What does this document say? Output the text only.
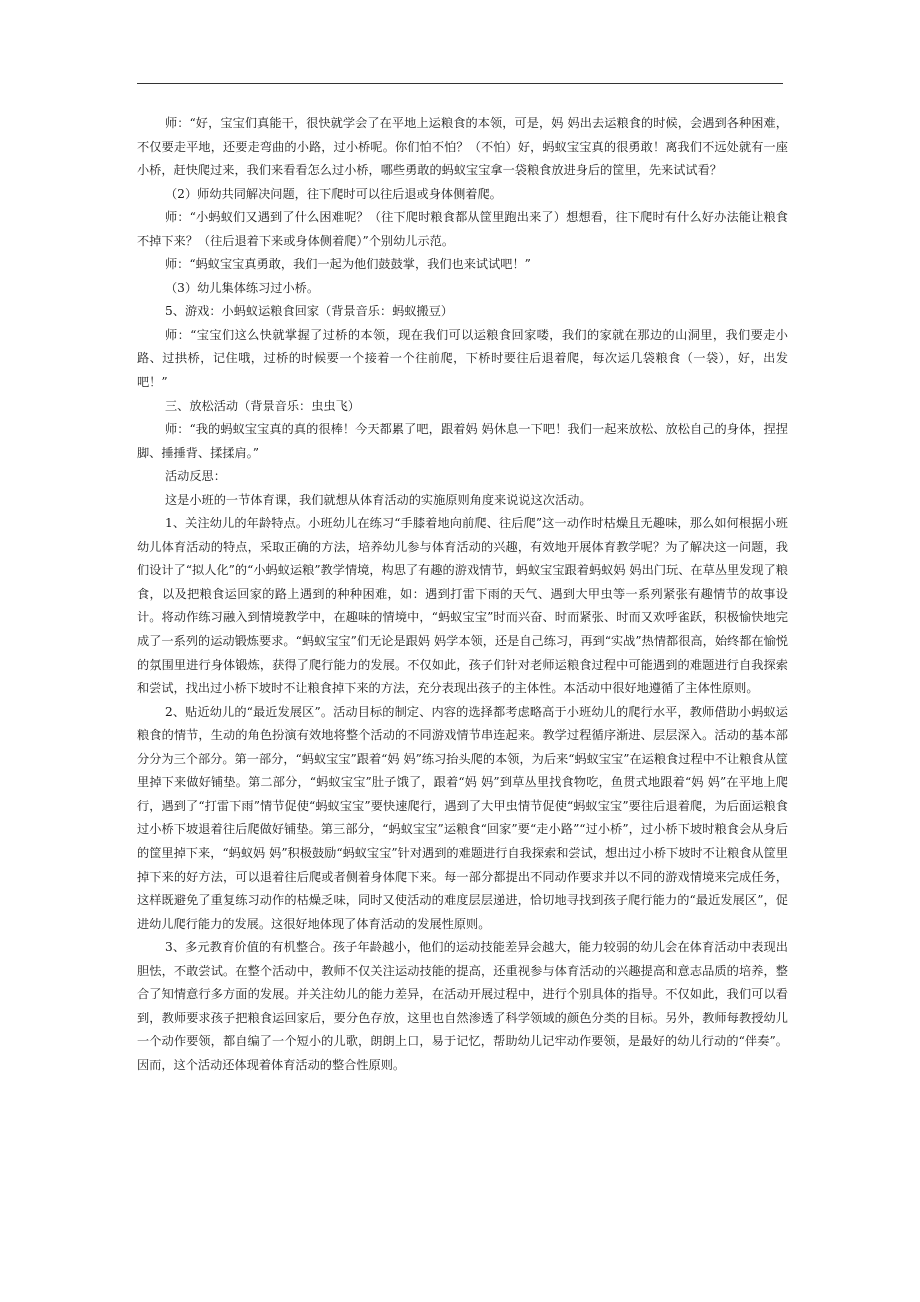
师：“好，宝宝们真能干，很快就学会了在平地上运粮食的本领，可是，妈 妈出去运粮食的时候，会遇到各种困难，不仅要走平地，还要走弯曲的小路，过小桥呢。你们怕不怕？（不怕）好，蚂蚁宝宝真的很勇敢！离我们不远处就有一座小桥，赶快爬过来，我们来看看怎么过小桥，哪些勇敢的蚂蚁宝宝拿一袋粮食放进身后的筐里，先来试试看？

（2）师幼共同解决问题，往下爬时可以往后退或身体侧着爬。

师：“小蚂蚁们又遇到了什么困难呢？（往下爬时粮食都从筐里跑出来了）想想看，往下爬时有什么好办法能让粮食不掉下来？（往后退着下来或身体侧着爬）”个别幼儿示范。

师：“蚂蚁宝宝真勇敢，我们一起为他们鼓鼓掌，我们也来试试吧！”

（3）幼儿集体练习过小桥。

5、游戏：小蚂蚁运粮食回家（背景音乐：蚂蚁搬豆）

师：“宝宝们这么快就掌握了过桥的本领，现在我们可以运粮食回家喽，我们的家就在那边的山洞里，我们要走小路、过拱桥，记住哦，过桥的时候要一个接着一个往前爬，下桥时要往后退着爬，每次运几袋粮食（一袋），好，出发吧！”

三、放松活动（背景音乐：虫虫飞）

师：“我的蚂蚁宝宝真的真的很棒！今天都累了吧，跟着妈 妈休息一下吧！我们一起来放松、放松自己的身体，捏捏脚、捶捶背、揉揉肩。”

活动反思：

这是小班的一节体育课，我们就想从体育活动的实施原则角度来说说这次活动。

1、关注幼儿的年龄特点。小班幼儿在练习“手膝着地向前爬、往后爬”这一动作时枯燥且无趣味，那么如何根据小班幼儿体育活动的特点，采取正确的方法，培养幼儿参与体育活动的兴趣，有效地开展体育教学呢？为了解决这一问题，我们设计了“拟人化”的“小蚂蚁运粮”教学情境，构思了有趣的游戏情节，蚂蚁宝宝跟着蚂蚁妈 妈出门玩、在草丛里发现了粮食，以及把粮食运回家的路上遇到的种种困难，如：遇到打雷下雨的天气、遇到大甲虫等一系列紧张有趣情节的故事设计。将动作练习融入到情境教学中，在趣味的情境中，“蚂蚁宝宝”时而兴奋、时而紧张、时而又欢呼雀跃，积极愉快地完成了一系列的运动锻炼要求。“蚂蚁宝宝”们无论是跟妈 妈学本领，还是自己练习，再到“实战”热情都很高，始终都在愉悦的氛围里进行身体锻炼，获得了爬行能力的发展。不仅如此，孩子们针对老师运粮食过程中可能遇到的难题进行自我探索和尝试，找出过小桥下坡时不让粮食掉下来的方法，充分表现出孩子的主体性。本活动中很好地遵循了主体性原则。

2、贴近幼儿的“最近发展区”。活动目标的制定、内容的选择都考虑略高于小班幼儿的爬行水平，教师借助小蚂蚁运粮食的情节，生动的角色扮演有效地将整个活动的不同游戏情节串连起来。教学过程循序渐进、层层深入。活动的基本部分分为三个部分。第一部分，“蚂蚁宝宝”跟着“妈 妈”练习抬头爬的本领，为后来“蚂蚁宝宝”在运粮食过程中不让粮食从筐里掉下来做好铺垫。第二部分，“蚂蚁宝宝”肚子饿了，跟着“妈 妈”到草丛里找食物吃，鱼贯式地跟着“妈 妈”在平地上爬行，遇到了“打雷下雨”情节促使“蚂蚁宝宝”要快速爬行，遇到了大甲虫情节促使“蚂蚁宝宝”要往后退着爬，为后面运粮食过小桥下坡退着往后爬做好铺垫。第三部分，“蚂蚁宝宝”运粮食“回家”要“走小路”“过小桥”，过小桥下坡时粮食会从身后的筐里掉下来，“蚂蚁妈 妈”积极鼓励“蚂蚁宝宝”针对遇到的难题进行自我探索和尝试，想出过小桥下坡时不让粮食从筐里掉下来的好方法，可以退着往后爬或者侧着身体爬下来。每一部分都提出不同动作要求并以不同的游戏情境来完成任务，这样既避免了重复练习动作的枯燥乏味，同时又使活动的难度层层递进，恰切地寻找到孩子爬行能力的“最近发展区”，促进幼儿爬行能力的发展。这很好地体现了体育活动的发展性原则。

3、多元教育价值的有机整合。孩子年龄越小，他们的运动技能差异会越大，能力较弱的幼儿会在体育活动中表现出胆怯，不敢尝试。在整个活动中，教师不仅关注运动技能的提高，还重视参与体育活动的兴趣提高和意志品质的培养，整合了知情意行多方面的发展。并关注幼儿的能力差异，在活动开展过程中，进行个别具体的指导。不仅如此，我们可以看到，教师要求孩子把粮食运回家后，要分色存放，这里也自然渗透了科学领域的颜色分类的目标。另外，教师每教授幼儿一个动作要领，都自编了一个短小的儿歌，朗朗上口，易于记忆，帮助幼儿记牢动作要领，是最好的幼儿行动的“伴奏”。因而，这个活动还体现着体育活动的整合性原则。
